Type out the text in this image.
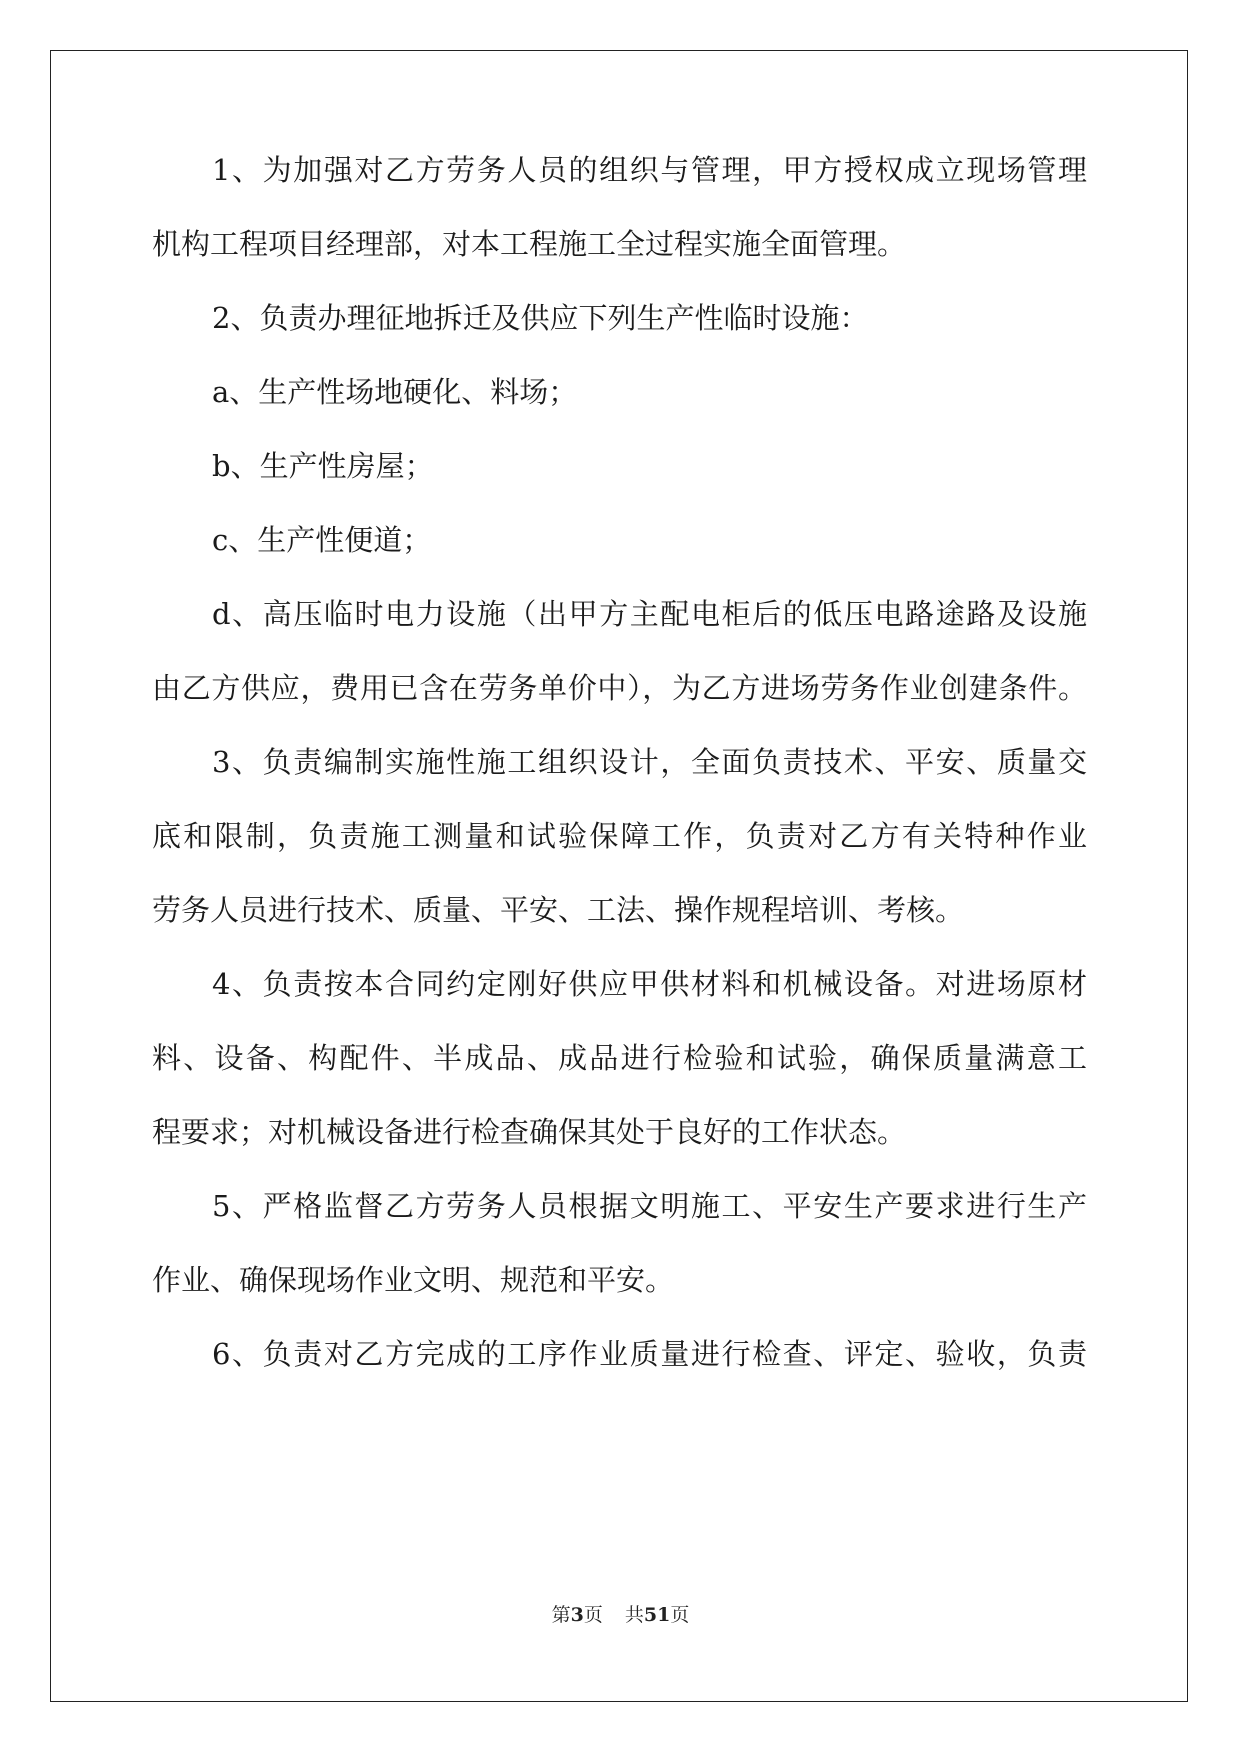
1、为加强对乙方劳务人员的组织与管理，甲方授权成立现场管理
机构工程项目经理部，对本工程施工全过程实施全面管理。
2、负责办理征地拆迁及供应下列生产性临时设施：
a、生产性场地硬化、料场；
b、生产性房屋；
c、生产性便道；
d、高压临时电力设施（出甲方主配电柜后的低压电路途路及设施
由乙方供应，费用已含在劳务单价中），为乙方进场劳务作业创建条件。
3、负责编制实施性施工组织设计，全面负责技术、平安、质量交
底和限制，负责施工测量和试验保障工作，负责对乙方有关特种作业
劳务人员进行技术、质量、平安、工法、操作规程培训、考核。
4、负责按本合同约定刚好供应甲供材料和机械设备。对进场原材
料、设备、构配件、半成品、成品进行检验和试验，确保质量满意工
程要求；对机械设备进行检查确保其处于良好的工作状态。
5、严格监督乙方劳务人员根据文明施工、平安生产要求进行生产
作业、确保现场作业文明、规范和平安。
6、负责对乙方完成的工序作业质量进行检查、评定、验收，负责
第3页 共51页
